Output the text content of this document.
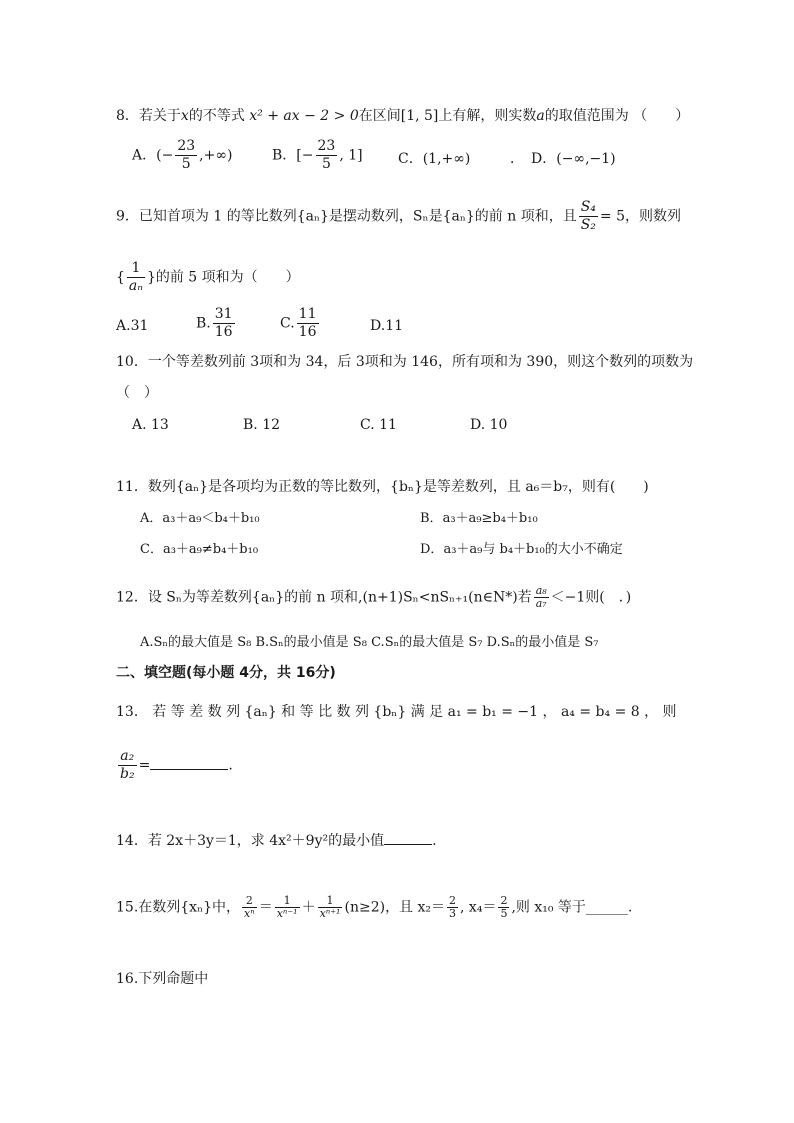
8．若关于x的不等式 x² + ax − 2 > 0在区间[1, 5]上有解，则实数a的取值范围为 （　　）
A．(− $\frac{23}{5}$ ,+∞)	B．[− $\frac{23}{5}$ , 1]	C．(1,+∞)	．　D．(−∞,−1)
9．已知首项为 1 的等比数列{aₙ}是摆动数列，Sₙ是{aₙ}的前 n 项和，且 $\frac{\text{S₄}}{\text{S₂}} = 5$，则数列
{ $\frac{1}{\text{aₙ}}$ }的前 5 项和为（　　）
A.31	B. $\frac{31}{16}$	C. $\frac{11}{16}$	D.11
10．一个等差数列前 3项和为 34，后 3项和为 146，所有项和为 390，则这个数列的项数为
（　）
A. 13	B. 12	C. 11	D. 10
11．数列{aₙ}是各项均为正数的等比数列，{bₙ}是等差数列，且 a₆＝b₇，则有(　　)
A．a₃＋a₉＜b₄＋b₁₀	B．a₃＋a₉≥b₄＋b₁₀
C．a₃＋a₉≠b₄＋b₁₀	D．a₃＋a₉与 b₄＋b₁₀的大小不确定
12．设 Sₙ为等差数列{aₙ}的前 n 项和,(n+1)Sₙ<nSₙ₊₁(n∈N*)若 $\frac{\text{a₈}}{\text{a₇}} <-1$则(　．)
A.Sₙ的最大值是 S₈ B.Sₙ的最小值是 S₈ C.Sₙ的最大值是 S₇ D.Sₙ的最小值是 S₇
二、填空题(每小题 4分，共 16分)
13． 若 等 差 数 列 {aₙ} 和 等 比 数 列 {bₙ} 满 足 a₁ = b₁ = −1 ， a₄ = b₄ = 8 ， 则
$\frac{\text{a₂}}{\text{b₂}}$ =	.
14．若 2x＋3y＝1，求 4x²＋9y²的最小值	.
15.在数列{xₙ}中， $\frac{2}{\text{xⁿ}} = \frac{1}{\text{xⁿ⁻¹}} + \frac{1}{\text{xⁿ⁺¹}} (n\ge 2)$，且 $x_2= \frac{2}{3}$ , $x_4= \frac{2}{5}$ ,则 x₁₀ 等于______.
16.下列命题中
